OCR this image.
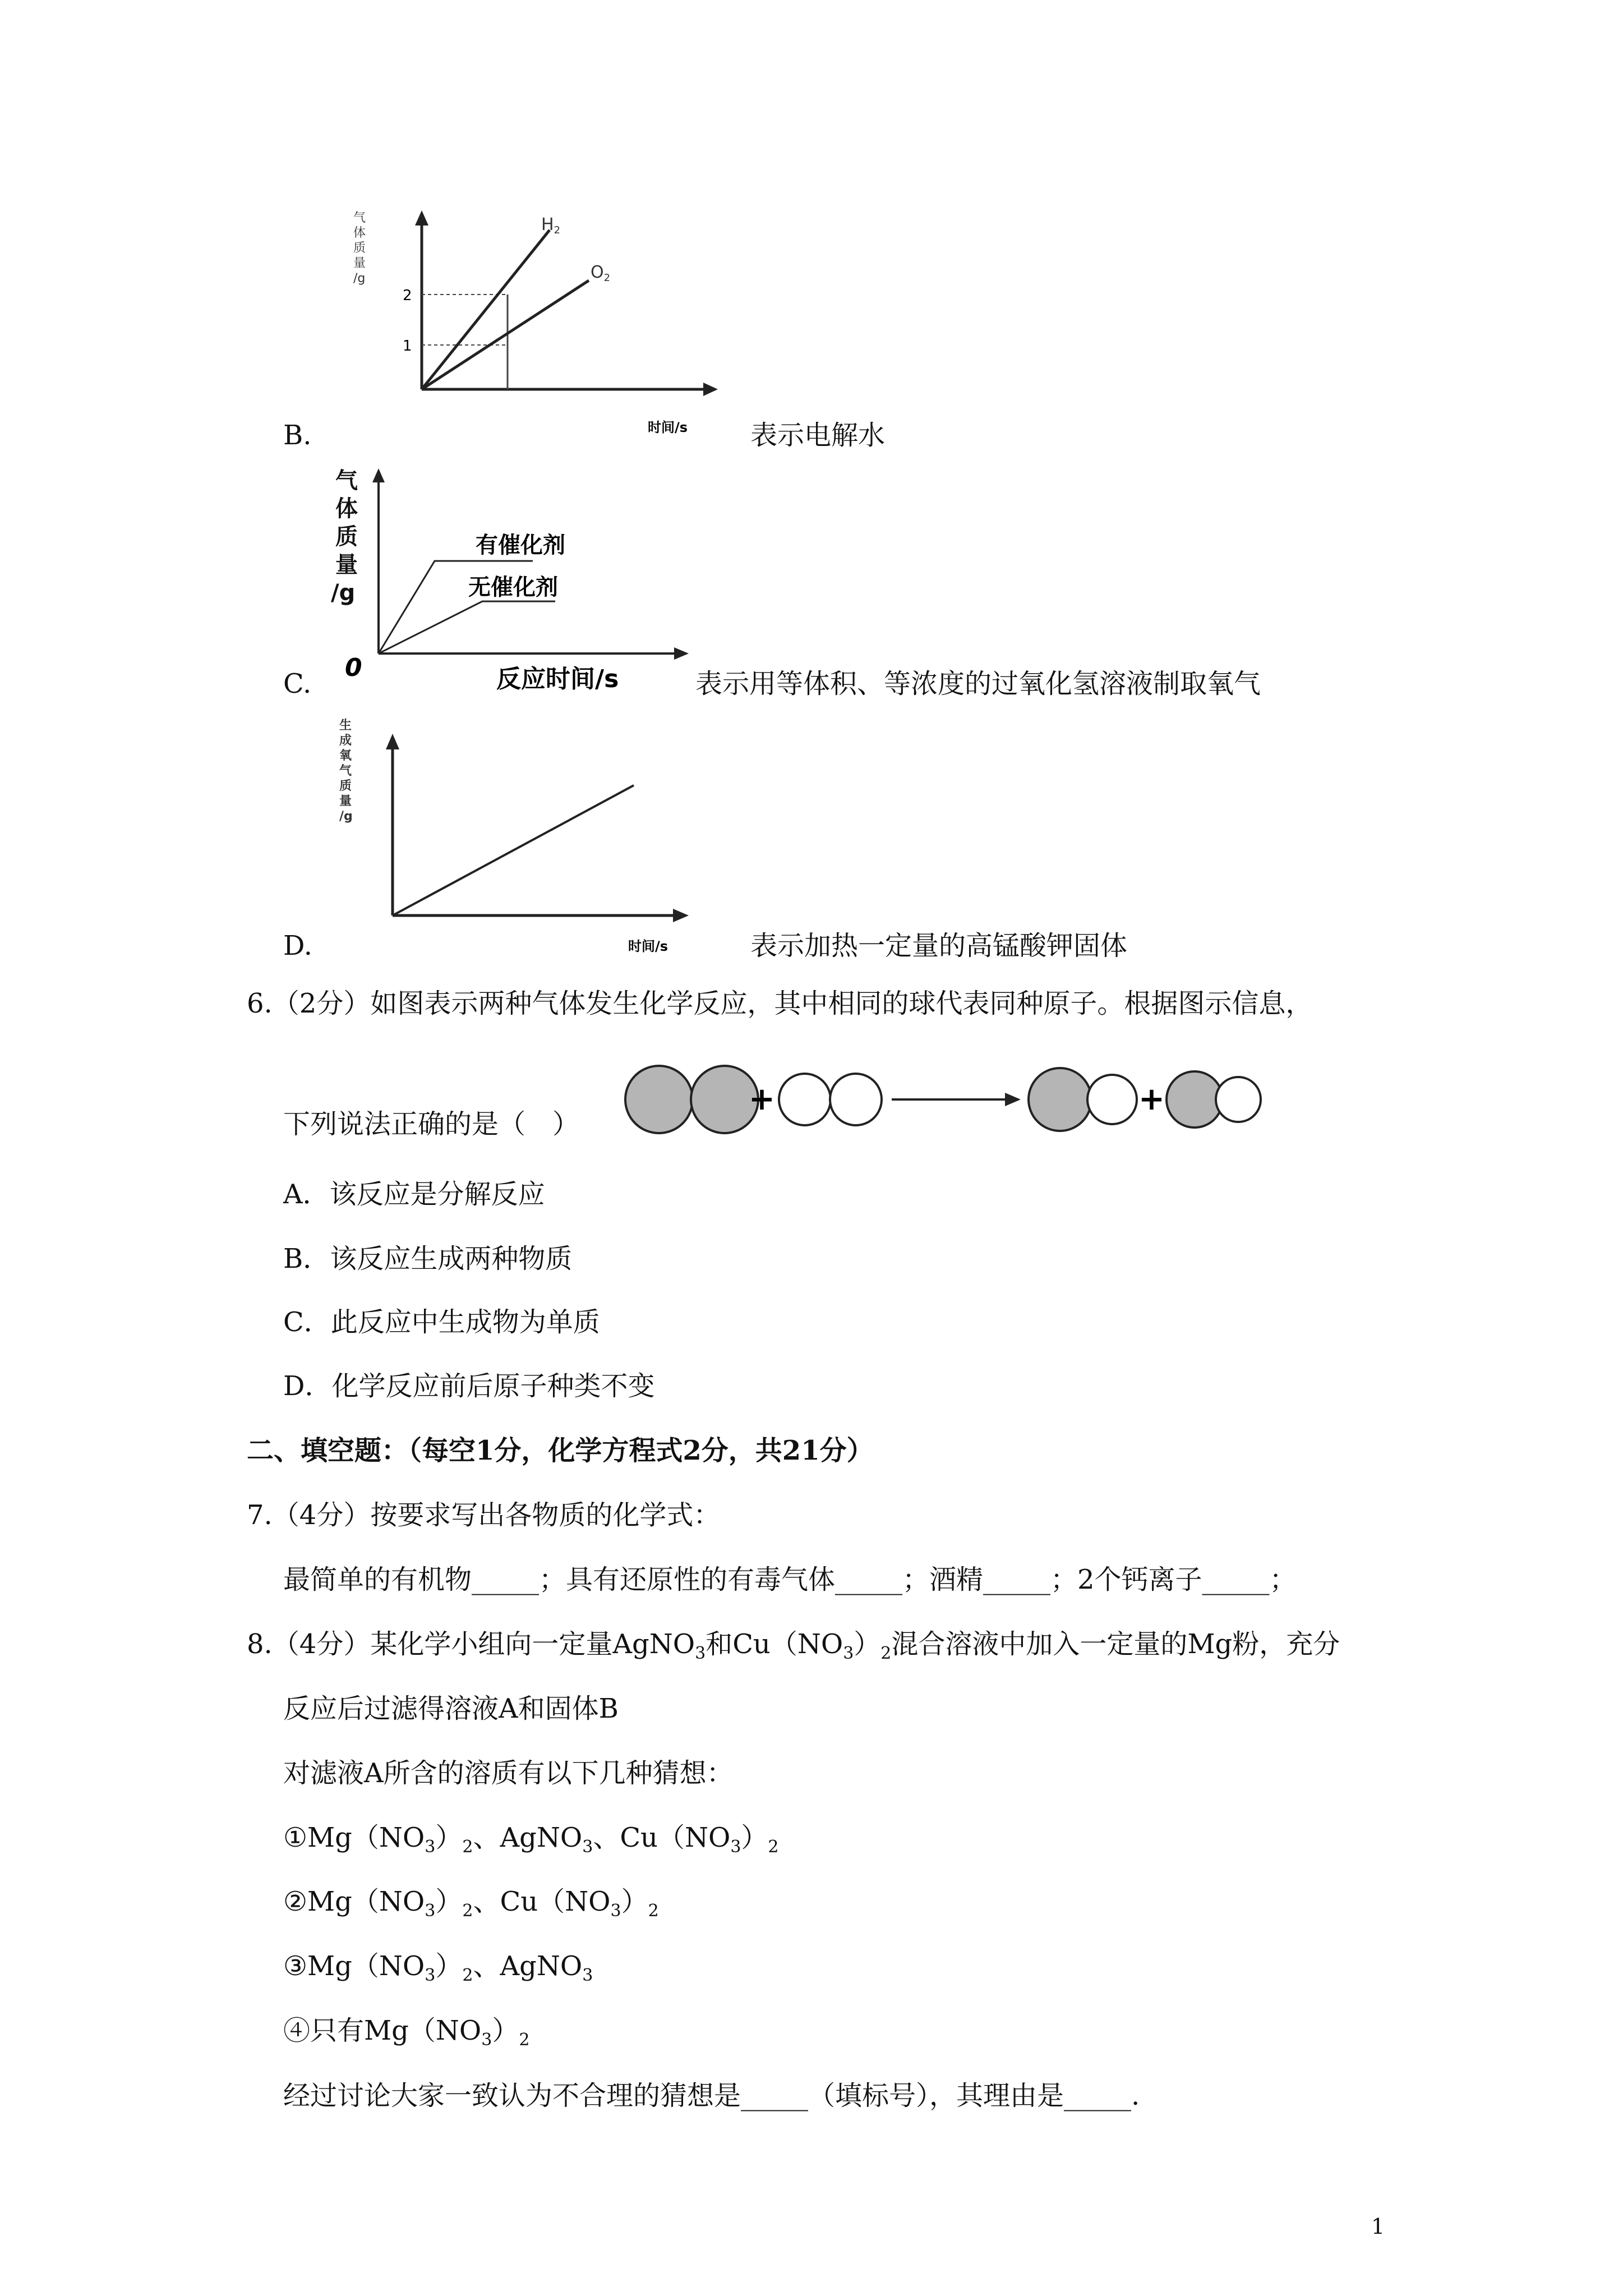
气
体
质
量
/g
2
1
$H_2$
$O_2$
时间/s
B.	表示电解水
气
体
质
量
/g
有催化剂
无催化剂
0	反应时间/s
C.	表示用等体积、等浓度的过氧化氢溶液制取氧气
生
成
氧
气
质
量
/g
时间/s
D.	表示加热一定量的高锰酸钾固体
6.（2分）如图表示两种气体发生化学反应，其中相同的球代表同种原子。根据图示信息，
下列说法正确的是（　）
+	+
A．该反应是分解反应
B．该反应生成两种物质
C．此反应中生成物为单质
D．化学反应前后原子种类不变
二、填空题：（每空1分，化学方程式2分，共21分）
7.（4分）按要求写出各物质的化学式：
最简单的有机物_____；具有还原性的有毒气体_____；酒精_____；2个钙离子_____；
8.（4分）某化学小组向一定量AgNO$_3$和$Cu(NO_3)_2$混合溶液中加入一定量的Mg粉，充分
反应后过滤得溶液A和固体B
对滤液A所含的溶质有以下几种猜想：
$①Mg(NO_3)_2$、AgNO$_3$、$Cu(NO_3)_2$
$②Mg(NO_3)_2$、$Cu(NO_3)_2$
$③Mg(NO_3)_2$、AgNO$_3$
④只有$Mg(NO_3)_2$
经过讨论大家一致认为不合理的猜想是_____（填标号），其理由是_____.
1
